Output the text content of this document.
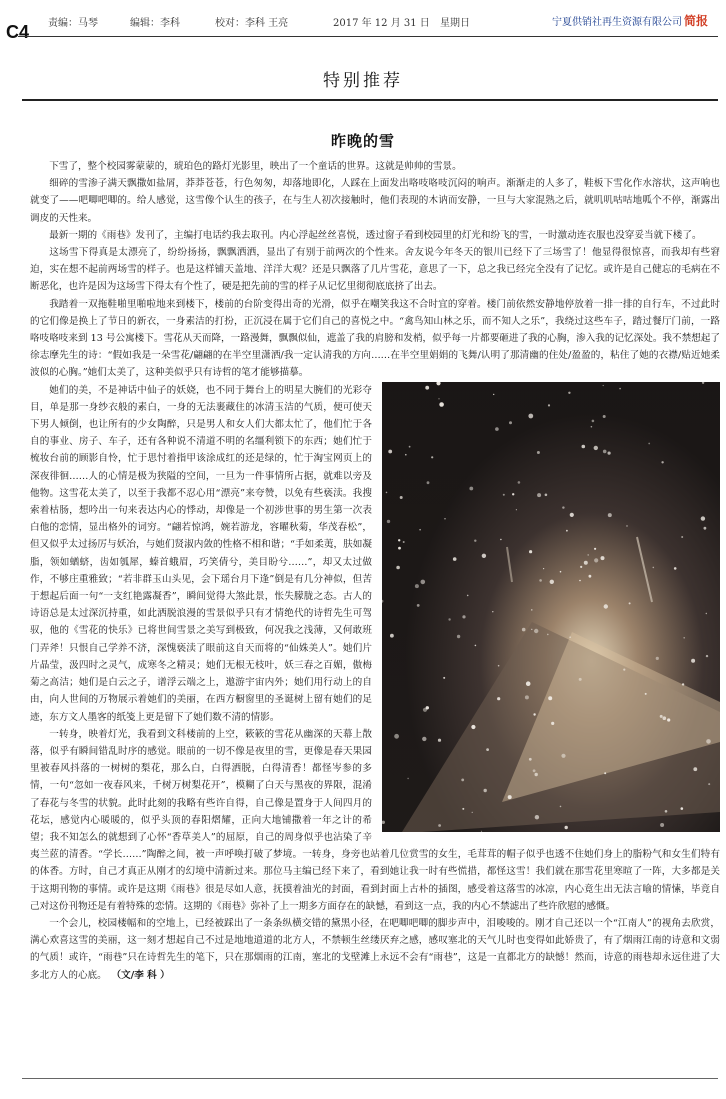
C4 责编：马琴	编辑：李科	校对：李科 王亮	2017 年 12 月 31 日 星期日	宁夏供销社再生资源有限公司 简报
特别推荐
昨晚的雪

下雪了，整个校园雾蒙蒙的，琥珀色的路灯光影里，映出了一个童话的世界。这就是帅帅的雪景。

细碎的雪渗子满天飘撒如盐屑，莽莽苍苍，行色匆匆，却落地即化，人踩在上面发出咯吱咯吱沉闷的响声。渐渐走的人多了，鞋板下雪化作水溶状，这声响也就变了——吧唧吧唧的。给人感觉，这雪像个认生的孩子，在与生人初次接触时，他们表现的木讷而安静，一旦与大家混熟之后，就叽叽咕咕地呱个不停，渐露出调皮的天性来。

最新一期的《雨巷》发刊了，主编打电话约我去取刊。内心浮起丝丝喜悦，透过窗子看到校园里的灯光和纷飞的雪，一时激动连衣服也没穿妥当就下楼了。

这场雪下得真是太漂亮了，纷纷扬扬，飘飘洒洒，显出了有别于前两次的个性来。舍友说今年冬天的银川已经下了三场雪了！他显得很惊喜，而我却有些窘迫，实在想不起前两场雪的样子。也是这样铺天盖地、洋洋大观？还是只飘落了几片雪花，意思了一下，总之我已经完全没有了记忆。或许是自己健忘的毛病在不断恶化，也许是因为这场雪下得太有个性了，硬是把先前的雪的样子从记忆里彻彻底底挤了出去。

我踏着一双拖鞋啪里啪啦地来到楼下，楼前的台阶变得出奇的光滑，似乎在嘲笑我这不合时宜的穿着。楼门前依然安静地停放着一排一排的自行车，不过此时的它们像是换上了节日的新衣，一身素洁的打扮，正沉浸在属于它们自己的喜悦之中。“禽鸟知山林之乐，而不知人之乐”，我绕过这些车子，踏过餐厅门前，一路咯吱咯吱来到 13 号公寓楼下。雪花从天而降，一路漫舞，飘飘似仙，遮盖了我的肩膀和发梢，似乎每一片都要砸进了我的心胸，渗入我的记忆深处。我不禁想起了徐志摩先生的诗：“假如我是一朵雪花/翩翩的在半空里潇洒/我一定认清我的方向……在半空里娟娟的飞舞/认明了那清幽的住处/盈盈的，粘住了她的衣襟/贴近她柔波似的心胸。”她们太美了，这种美似乎只有诗哲的笔才能够描摹。

她们的美，不是神话中仙子的妖娆，也不同于舞台上的明星大腕们的光彩夺目，单是那一身纱衣般的素白，一身的无法裹藏住的冰清玉洁的气质，便可使天下男人倾倒，也让所有的少女陶醉，只是男人和女人们大都太忙了，他们忙于各自的事业、房子、车子，还有各种说不清道不明的名缰利锁下的东西；她们忙于梳妆台前的顾影自怜，忙于思忖着指甲该涂成红的还是绿的，忙于淘宝网页上的深夜徘徊……人的心情是极为狭隘的空间，一旦为一件事情所占据，就难以旁及他物。这雪花太美了，以至于我都不忍心用“漂亮”来夸赞，以免有些亵渎。我搜索着枯肠，想吟出一句来表达内心的悸动，却像是一个初涉世事的男生第一次表白他的恋情，显出格外的词穷。“翩若惊鸿，婉若游龙，容曜秋菊，华茂春松”，但又似乎太过扬厉与妖冶，与她们贤淑内敛的性格不相和谐；“手如柔荑，肤如凝脂，领如蝤蛴，齿如瓠犀，螓首蛾眉，巧笑倩兮，美目盼兮……”，却又太过做作，不够庄重雅致；“若非群玉山头见，会下瑶台月下逢”倒是有几分神似，但苦于想起后面一句“一支红艳露凝香”，瞬间觉得大煞此景，怅失朦胧之态。古人的诗语总是太过深沉持重，如此洒脱浪漫的雪景似乎只有才情绝代的诗哲先生可驾驭，他的《雪花的快乐》已将世间雪景之美写到极致，何况我之浅薄，又何敢班门弄斧！只恨自己学养不济，深愧亵渎了眼前这自天而将的“仙姝美人”。她们片片晶莹，汲四时之灵气，成寒冬之精灵；她们无根无枝叶，妖三春之百媚，傲梅菊之高洁；她们是白云之子，谱浮云端之上，遨游宇宙内外；她们用行动上的自由，向人世间的万物展示着她们的美丽，在西方橱窗里的圣诞树上留有她们的足迹，东方文人墨客的纸笺上更是留下了她们数不清的情影。

一转身，映着灯光，我看到文科楼前的上空，簌簌的雪花从幽深的天幕上散落，似乎有瞬间错乱时序的感觉。眼前的一切不像是夜里的雪，更像是春天果园里被春风抖落的一树树的梨花，那么白，白得洒脱，白得清香！都怪岑参的多情，一句“忽如一夜春风来，千树万树梨花开”，模糊了白天与黑夜的界限，混淆了春花与冬雪的状貌。此时此刻的我略有些许自得，自己像是置身于人间四月的花坛，感觉内心暖暖的，似乎头顶的春阳熠耀，正向大地铺撒着一年之计的希望；我不知怎么的就想到了心怀“香草美人”的屈原，自己的周身似乎也沾染了辛夷兰茝的清香。“学长……”陶醉之间，被一声呼唤打破了梦境。一转身，身旁也站着几位赏雪的女生，毛茸茸的帽子似乎也透不住她们身上的脂粉气和女生们特有的体香。方时，自己才真正从刚才的幻境中清新过来。那位马主编已经下来了，看到她让我一时有些慌措，都怪这雪！我们就在那雪花里寒暄了一阵，大多都是关于这期刊物的事情。或许是这期《雨巷》很是尽如人意，抚摸着油光的封面，看到封面上古朴的插图，感受着这落雪的冰凉，内心竟生出无法言喻的情愫，毕竟自己对这份刊物还是有着特殊的恋情。这期的《雨巷》弥补了上一期多方面存在的缺憾，看到这一点，我的内心不禁滤出了些许欣慰的感慨。

一个会儿，校园楼幅和的空地上，已经被踩出了一条条纵横交错的黛黑小径，在吧唧吧唧的脚步声中，泪唆唆的。刚才自己还以一个“江南人”的视角去欣赏，满心欢喜这雪的美丽，这一刻才想起自己不过是地地道道的北方人，不禁顿生丝缕厌弃之感，感叹塞北的天气儿时也变得如此娇贵了，有了烟雨江南的诗意和文弱的气质！或许，“雨巷”只在诗哲先生的笔下，只在那烟雨的江南，塞北的戈壁滩上永远不会有“雨巷”，这是一直都北方的缺憾！然而，诗意的雨巷却永远住进了大多北方人的心底。 （文/李 科 ）
